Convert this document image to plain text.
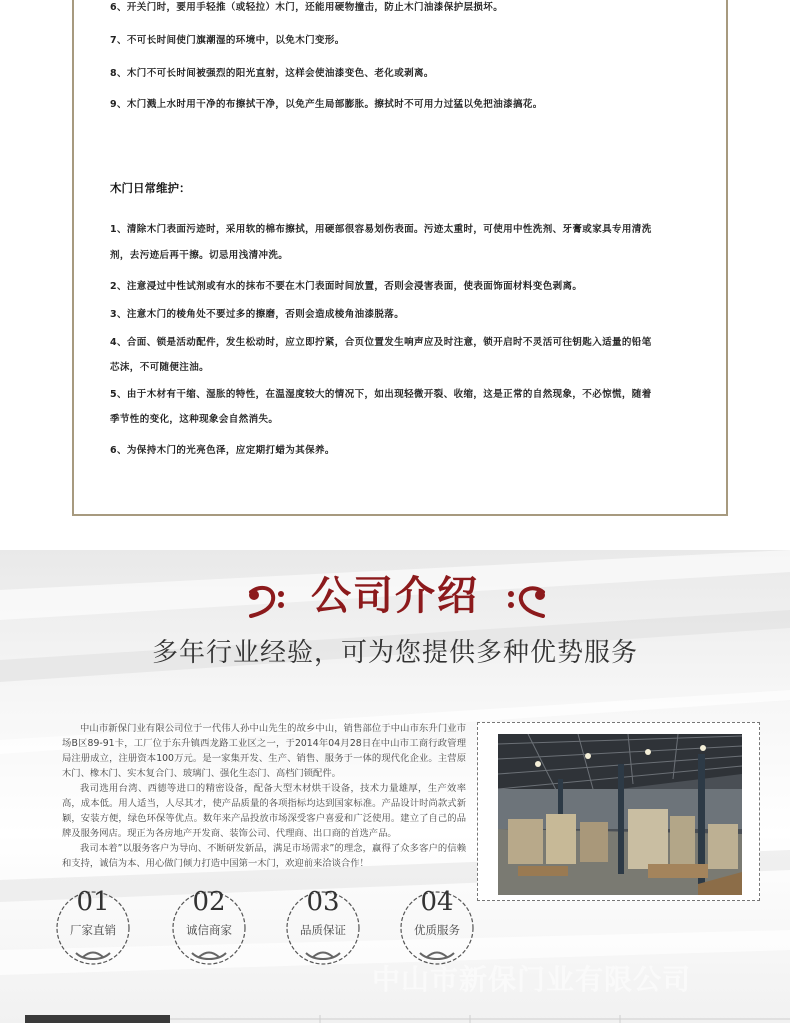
6、开关门时，要用手轻推（或轻拉）木门，还能用硬物撞击，防止木门油漆保护层损坏。
7、不可长时间使门旗潮湿的环境中，以免木门变形。
8、木门不可长时间被强烈的阳光直射，这样会使油漆变色、老化或剥离。
9、木门溅上水时用干净的布擦拭干净，以免产生局部膨胀。擦拭时不可用力过猛以免把油漆搞花。
木门日常维护：
1、清除木门表面污迹时，采用软的棉布擦拭，用硬部很容易划伤表面。污迹太重时，可使用中性洗剂、牙膏或家具专用清洗
剂，去污迹后再干擦。切忌用浅清冲洗。
2、注意浸过中性试剂或有水的抹布不要在木门表面时间放置，否则会浸害表面，使表面饰面材料变色剥离。
3、注意木门的棱角处不要过多的擦磨，否则会造成棱角油漆脱落。
4、合面、锁是活动配件，发生松动时，应立即拧紧，合页位置发生响声应及时注意，锁开启时不灵活可往钥匙入适量的铅笔
芯沫，不可随便注油。
5、由于木材有干缩、湿胀的特性，在温湿度较大的情况下，如出现轻微开裂、收缩，这是正常的自然现象，不必惊慌，随着
季节性的变化，这种现象会自然消失。
6、为保持木门的光亮色泽，应定期打蜡为其保养。
公司介绍
多年行业经验，可为您提供多种优势服务

中山市新保门业有限公司位于一代伟人孙中山先生的故乡中山，销售部位于中山市东升门业市场B区89-91卡，工厂位于东升镇西龙路工业区之一，于2014年04月28日在中山市工商行政管理局注册成立，注册资本100万元。是一家集开发、生产、销售、服务于一体的现代化企业。主营原木门、橡木门、实木复合门、玻璃门、强化生态门、高档门锁配件。

我司选用台湾、西德等进口的精密设备，配备大型木材烘干设备，技术力量雄厚，生产效率高，成本低。用人适当，人尽其才，使产品质量的各项指标均达到国家标准。产品设计时尚款式新颖，安装方便，绿色环保等优点。数年来产品投放市场深受客户喜爱和广泛使用。建立了自己的品牌及服务网店。现正为各房地产开发商、装饰公司、代理商、出口商的首选产品。

我司本着”以服务客户为导向、不断研发新品，满足市场需求”的理念，赢得了众多客户的信赖和支持，诚信为本、用心做门倾力打造中国第一木门，欢迎前来洽谈合作！

01
厂家直销
02
诚信商家
03
品质保证
04
优质服务
中山市新保门业有限公司
